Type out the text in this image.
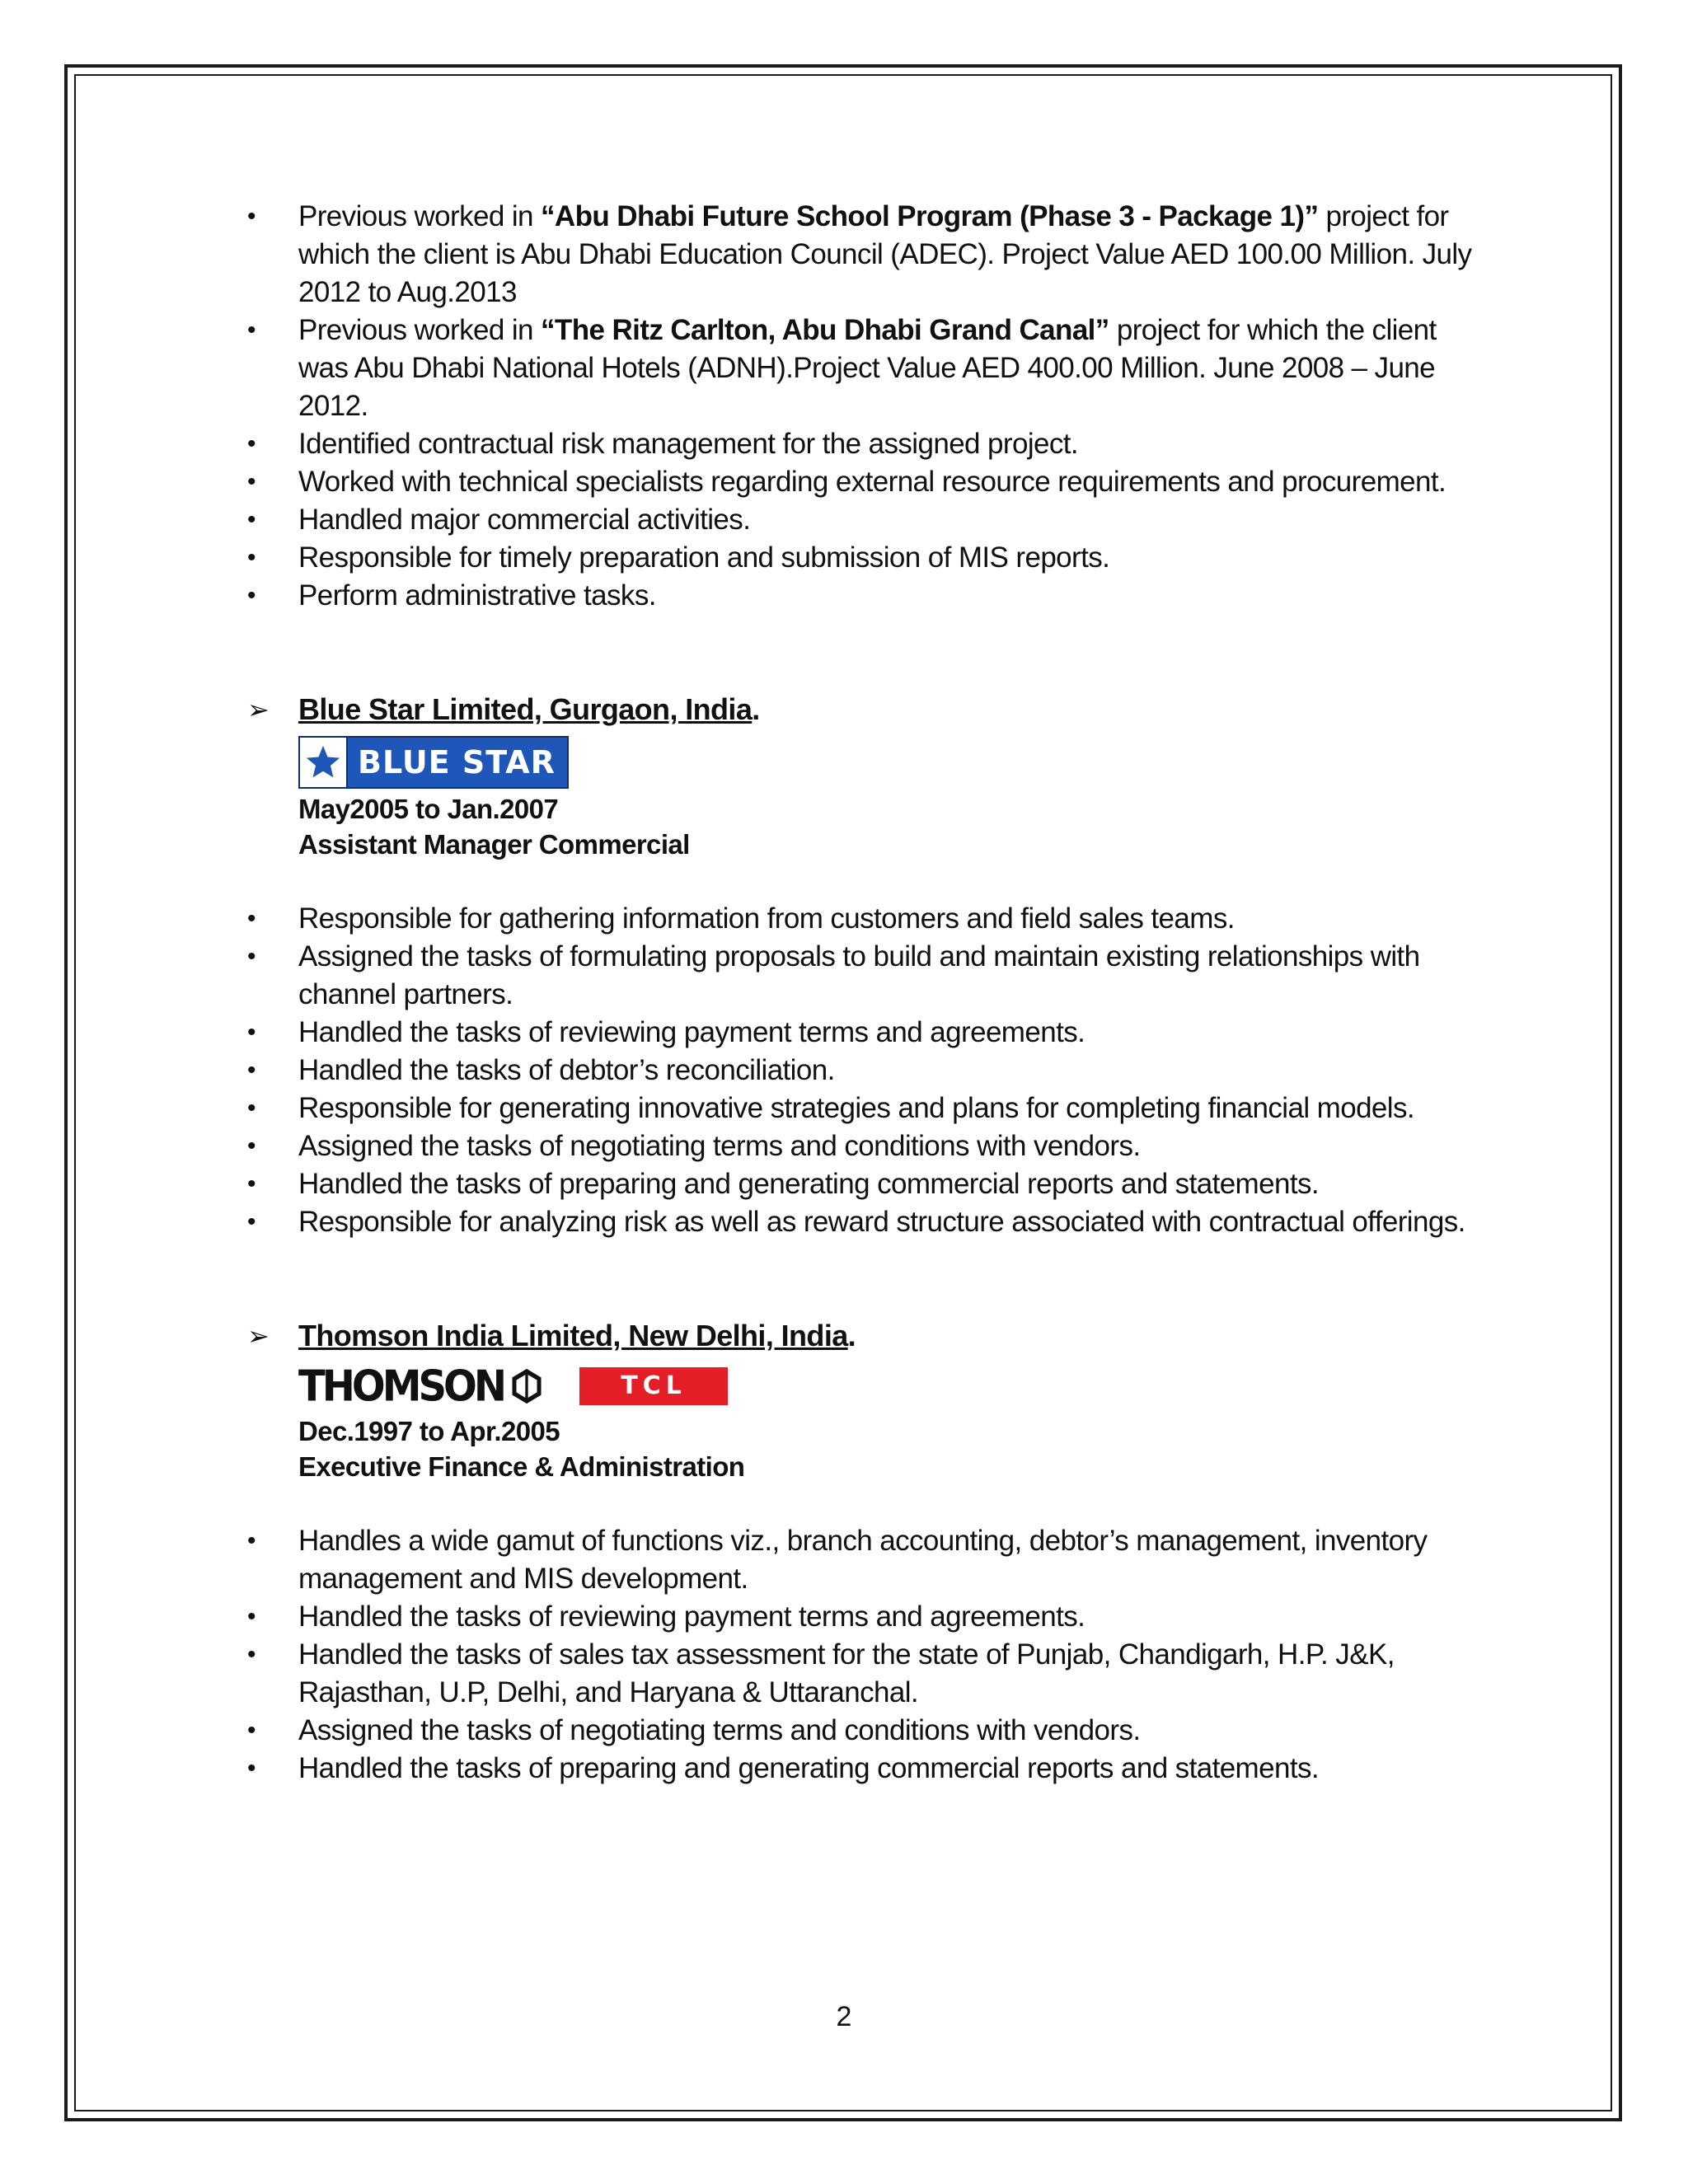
• Previous worked in “Abu Dhabi Future School Program (Phase 3 - Package 1)” project for which the client is Abu Dhabi Education Council (ADEC). Project Value AED 100.00 Million. July 2012 to Aug.2013
• Previous worked in “The Ritz Carlton, Abu Dhabi Grand Canal” project for which the client was Abu Dhabi National Hotels (ADNH).Project Value AED 400.00 Million. June 2008 – June 2012.
• Identified contractual risk management for the assigned project.
• Worked with technical specialists regarding external resource requirements and procurement.
• Handled major commercial activities.
• Responsible for timely preparation and submission of MIS reports.
• Perform administrative tasks.
➢ Blue Star Limited, Gurgaon, India.
BLUE STAR
May2005 to Jan.2007
Assistant Manager Commercial
• Responsible for gathering information from customers and field sales teams.
• Assigned the tasks of formulating proposals to build and maintain existing relationships with channel partners.
• Handled the tasks of reviewing payment terms and agreements.
• Handled the tasks of debtor’s reconciliation.
• Responsible for generating innovative strategies and plans for completing financial models.
• Assigned the tasks of negotiating terms and conditions with vendors.
• Handled the tasks of preparing and generating commercial reports and statements.
• Responsible for analyzing risk as well as reward structure associated with contractual offerings.
➢ Thomson India Limited, New Delhi, India.
THOMSON	TCL
Dec.1997 to Apr.2005
Executive Finance & Administration
• Handles a wide gamut of functions viz., branch accounting, debtor’s management, inventory management and MIS development.
• Handled the tasks of reviewing payment terms and agreements.
• Handled the tasks of sales tax assessment for the state of Punjab, Chandigarh, H.P. J&K, Rajasthan, U.P, Delhi, and Haryana & Uttaranchal.
• Assigned the tasks of negotiating terms and conditions with vendors.
• Handled the tasks of preparing and generating commercial reports and statements.
2
